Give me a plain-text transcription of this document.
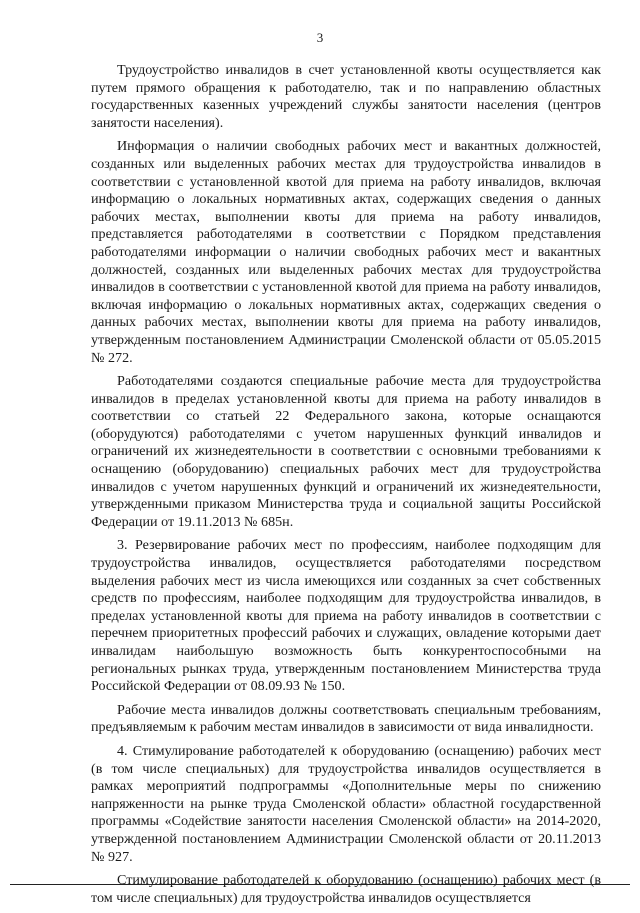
3

Трудоустройство инвалидов в счет установленной квоты осуществляется как путем прямого обращения к работодателю, так и по направлению областных государственных казенных учреждений службы занятости населения (центров занятости населения).

Информация о наличии свободных рабочих мест и вакантных должностей, созданных или выделенных рабочих местах для трудоустройства инвалидов в соответствии с установленной квотой для приема на работу инвалидов, включая информацию о локальных нормативных актах, содержащих сведения о данных рабочих местах, выполнении квоты для приема на работу инвалидов, представляется работодателями в соответствии с Порядком представления работодателями информации о наличии свободных рабочих мест и вакантных должностей, созданных или выделенных рабочих местах для трудоустройства инвалидов в соответствии с установленной квотой для приема на работу инвалидов, включая информацию о локальных нормативных актах, содержащих сведения о данных рабочих местах, выполнении квоты для приема на работу инвалидов, утвержденным постановлением Администрации Смоленской области от 05.05.2015 № 272.

Работодателями создаются специальные рабочие места для трудоустройства инвалидов в пределах установленной квоты для приема на работу инвалидов в соответствии со статьей 22 Федерального закона, которые оснащаются (оборудуются) работодателями с учетом нарушенных функций инвалидов и ограничений их жизнедеятельности в соответствии с основными требованиями к оснащению (оборудованию) специальных рабочих мест для трудоустройства инвалидов с учетом нарушенных функций и ограничений их жизнедеятельности, утвержденными приказом Министерства труда и социальной защиты Российской Федерации от 19.11.2013 № 685н.

3. Резервирование рабочих мест по профессиям, наиболее подходящим для трудоустройства инвалидов, осуществляется работодателями посредством выделения рабочих мест из числа имеющихся или созданных за счет собственных средств по профессиям, наиболее подходящим для трудоустройства инвалидов, в пределах установленной квоты для приема на работу инвалидов в соответствии с перечнем приоритетных профессий рабочих и служащих, овладение которыми дает инвалидам наибольшую возможность быть конкурентоспособными на региональных рынках труда, утвержденным постановлением Министерства труда Российской Федерации от 08.09.93 № 150.

Рабочие места инвалидов должны соответствовать специальным требованиям, предъявляемым к рабочим местам инвалидов в зависимости от вида инвалидности.

4. Стимулирование работодателей к оборудованию (оснащению) рабочих мест (в том числе специальных) для трудоустройства инвалидов осуществляется в рамках мероприятий подпрограммы «Дополнительные меры по снижению напряженности на рынке труда Смоленской области» областной государственной программы «Содействие занятости населения Смоленской области» на 2014-2020, утвержденной постановлением Администрации Смоленской области от 20.11.2013 № 927.

Стимулирование работодателей к оборудованию (оснащению) рабочих мест (в том числе специальных) для трудоустройства инвалидов осуществляется
